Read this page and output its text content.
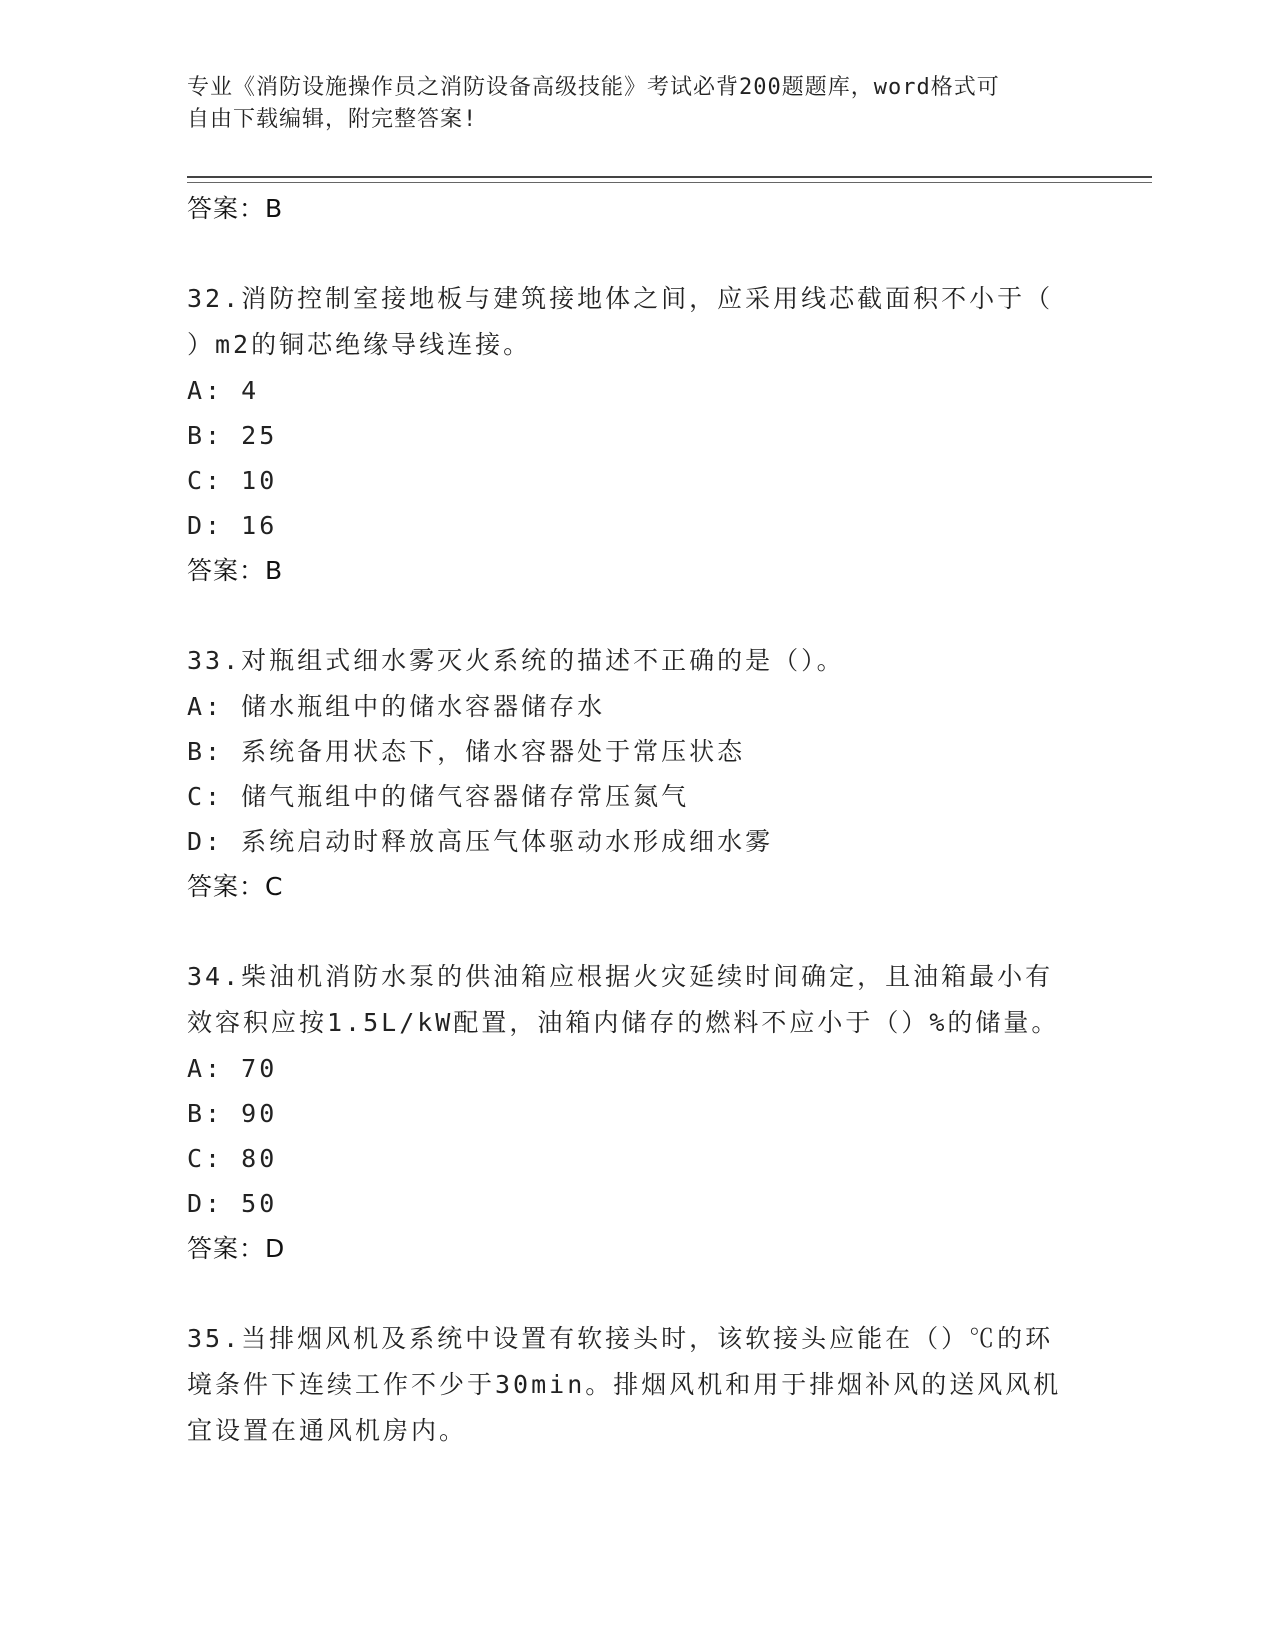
专业《消防设施操作员之消防设备高级技能》考试必背200题题库，word格式可
自由下载编辑，附完整答案!
答案：B
32.消防控制室接地板与建筑接地体之间，应采用线芯截面积不小于（
）m2的铜芯绝缘导线连接。
A: 4
B: 25
C: 10
D: 16
答案：B
33.对瓶组式细水雾灭火系统的描述不正确的是（）。
A: 储水瓶组中的储水容器储存水
B: 系统备用状态下，储水容器处于常压状态
C: 储气瓶组中的储气容器储存常压氮气
D: 系统启动时释放高压气体驱动水形成细水雾
答案：C
34.柴油机消防水泵的供油箱应根据火灾延续时间确定，且油箱最小有
效容积应按1.5L/kW配置，油箱内储存的燃料不应小于（）%的储量。
A: 70
B: 90
C: 80
D: 50
答案：D
35.当排烟风机及系统中设置有软接头时，该软接头应能在（）℃的环
境条件下连续工作不少于30min。排烟风机和用于排烟补风的送风风机
宜设置在通风机房内。
